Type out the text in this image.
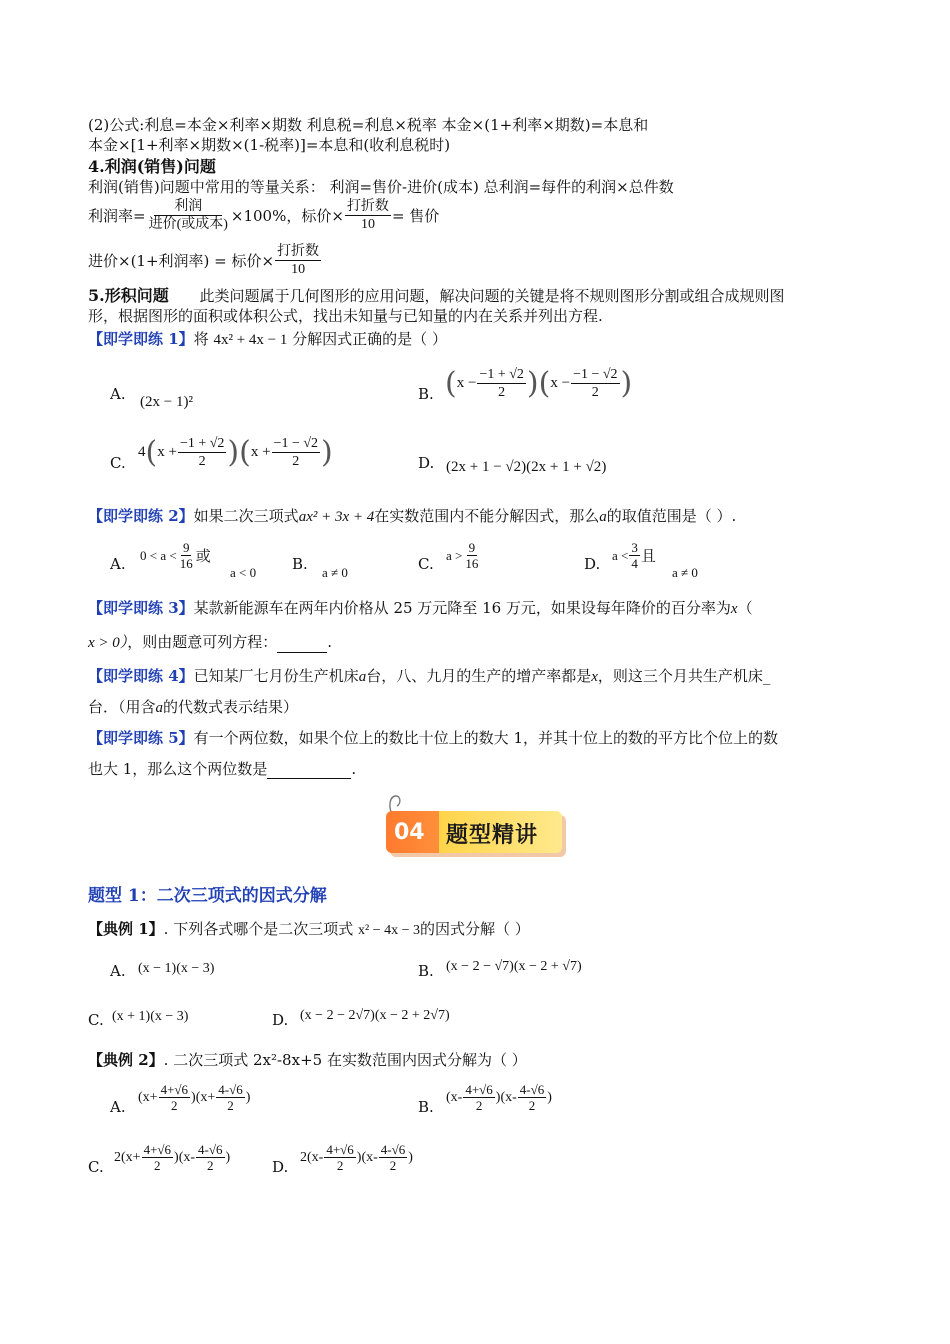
(2)公式:利息=本金×利率×期数 利息税=利息×税率 本金×(1+利率×期数)=本息和
本金×[1+利率×期数×(1-税率)]=本息和(收利息税时)
4.利润(销售)问题
利润(销售)问题中常用的等量关系： 利润=售价-进价(成本) 总利润=每件的利润×总件数
利润率= $\frac{\text{利润}}{\text{进价(或成本)}} \times 100\%$，标价× $\frac{\text{打折数}}{10}$ = 售价
进价×(1+利润率) = 标价× $\frac{\text{打折数}}{10}$
5.形积问题 此类问题属于几何图形的应用问题，解决问题的关键是将不规则图形分割或组合成规则图
形，根据图形的面积或体积公式，找出未知量与已知量的内在关系并列出方程.
【即学即练 1】将 4x² + 4x − 1 分解因式正确的是（ ）
A. (2x − 1)²	B. ( $x - \frac{-1 + √2}{2}$ )( $x - \frac{-1 - √2}{2}$ )
C.
4 ( $x + \frac{-1 + √2}{2}$ )( $x + \frac{-1 - √2}{2}$ )	D. (2x + 1 − √2)(2x + 1 + √2)
【即学即练 2】如果二次三项式ax² + 3x + 4在实数范围内不能分解因式，那么a的取值范围是（ ）.
A. $0 < a < \frac{9}{16}$ 或
a < 0 B. a ≠ 0	C. $a > \frac{9}{16}$	D. $a < \frac{3}{4}$ 且
a ≠ 0
【即学即练 3】某款新能源车在两年内价格从 25 万元降至 16 万元，如果设每年降价的百分率为x（
x > 0），则由题意可列方程：	.
【即学即练 4】已知某厂七月份生产机床a台，八、九月的生产的增产率都是x，则这三个月共生产机床_
台．（用含a的代数式表示结果）
【即学即练 5】有一个两位数，如果个位上的数比十位上的数大 1，并其十位上的数的平方比个位上的数
也大 1，那么这个两位数是	.
04 题型精讲
题型 1：二次三项式的因式分解
【典例 1】. 下列各式哪个是二次三项式 x² − 4x − 3的因式分解（ ）
A. (x − 1)(x − 3)	B. (x − 2 − √7)(x − 2 + √7)
C. (x + 1)(x − 3)	D. (x − 2 − 2√7)(x − 2 + 2√7)
【典例 2】. 二次三项式 2x²-8x+5 在实数范围内因式分解为（ ）
A.
$(x+ \frac{4+√6}{2} )(x+ \frac{4-√6}{2}$ )
B.
$(x- \frac{4+√6}{2} )(x- \frac{4-√6}{2}$ )
C.
$2(x+ \frac{4+√6}{2} )(x- \frac{4-√6}{2}$ )
D.
$2(x- \frac{4+√6}{2} )(x- \frac{4-√6}{2}$ )
